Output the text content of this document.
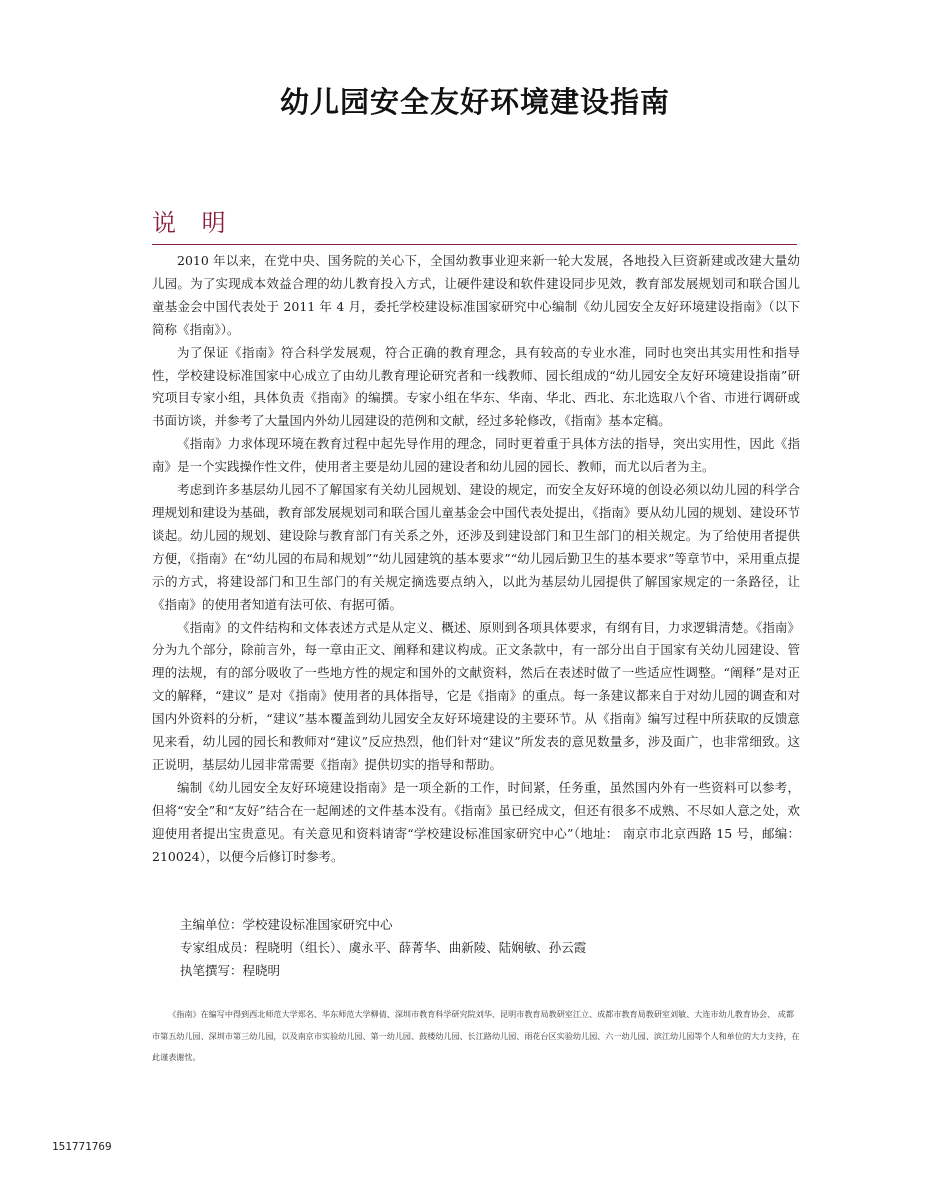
幼儿园安全友好环境建设指南
说 明

2010 年以来，在党中央、国务院的关心下，全国幼教事业迎来新一轮大发展，各地投入巨资新建或改建大量幼儿园。为了实现成本效益合理的幼儿教育投入方式，让硬件建设和软件建设同步见效，教育部发展规划司和联合国儿童基金会中国代表处于 2011 年 4 月，委托学校建设标准国家研究中心编制《幼儿园安全友好环境建设指南》（以下简称《指南》）。

为了保证《指南》符合科学发展观，符合正确的教育理念，具有较高的专业水准，同时也突出其实用性和指导性，学校建设标准国家中心成立了由幼儿教育理论研究者和一线教师、园长组成的“幼儿园安全友好环境建设指南”研究项目专家小组，具体负责《指南》的编撰。专家小组在华东、华南、华北、西北、东北选取八个省、市进行调研或书面访谈，并参考了大量国内外幼儿园建设的范例和文献，经过多轮修改，《指南》基本定稿。

《指南》力求体现环境在教育过程中起先导作用的理念，同时更着重于具体方法的指导，突出实用性，因此《指南》是一个实践操作性文件，使用者主要是幼儿园的建设者和幼儿园的园长、教师，而尤以后者为主。

考虑到许多基层幼儿园不了解国家有关幼儿园规划、建设的规定，而安全友好环境的创设必须以幼儿园的科学合理规划和建设为基础，教育部发展规划司和联合国儿童基金会中国代表处提出，《指南》要从幼儿园的规划、建设环节谈起。幼儿园的规划、建设除与教育部门有关系之外，还涉及到建设部门和卫生部门的相关规定。为了给使用者提供方便，《指南》在“幼儿园的布局和规划”“幼儿园建筑的基本要求”“幼儿园后勤卫生的基本要求”等章节中，采用重点提示的方式，将建设部门和卫生部门的有关规定摘选要点纳入，以此为基层幼儿园提供了解国家规定的一条路径，让《指南》的使用者知道有法可依、有据可循。

《指南》的文件结构和文体表述方式是从定义、概述、原则到各项具体要求，有纲有目，力求逻辑清楚。《指南》分为九个部分，除前言外，每一章由正文、阐释和建议构成。正文条款中，有一部分出自于国家有关幼儿园建设、管理的法规，有的部分吸收了一些地方性的规定和国外的文献资料，然后在表述时做了一些适应性调整。“阐释”是对正文的解释，“建议” 是对《指南》使用者的具体指导，它是《指南》的重点。每一条建议都来自于对幼儿园的调查和对国内外资料的分析，“建议”基本覆盖到幼儿园安全友好环境建设的主要环节。从《指南》编写过程中所获取的反馈意见来看，幼儿园的园长和教师对“建议”反应热烈，他们针对“建议”所发表的意见数量多，涉及面广，也非常细致。这正说明，基层幼儿园非常需要《指南》提供切实的指导和帮助。

编制《幼儿园安全友好环境建设指南》是一项全新的工作，时间紧，任务重，虽然国内外有一些资料可以参考，但将“安全”和“友好”结合在一起阐述的文件基本没有。《指南》虽已经成文，但还有很多不成熟、不尽如人意之处，欢迎使用者提出宝贵意见。有关意见和资料请寄“学校建设标准国家研究中心”（地址： 南京市北京西路 15 号，邮编：210024），以便今后修订时参考。

主编单位：学校建设标准国家研究中心
专家组成员：程晓明（组长）、虞永平、薛菁华、曲新陵、陆娴敏、孙云霞
执笔撰写：程晓明

《指南》在编写中得到西北师范大学郑名、华东师范大学柳倩、深圳市教育科学研究院刘华、昆明市教育局教研室江立、成都市教育局教研室刘敏、大连市幼儿教育协会、 成都市第五幼儿园、深圳市第三幼儿园，以及南京市实验幼儿园、第一幼儿园、鼓楼幼儿园、长江路幼儿园、雨花台区实验幼儿园、六一幼儿园、滨江幼儿园等个人和单位的大力支持，在此谨表谢忱。

151771769
